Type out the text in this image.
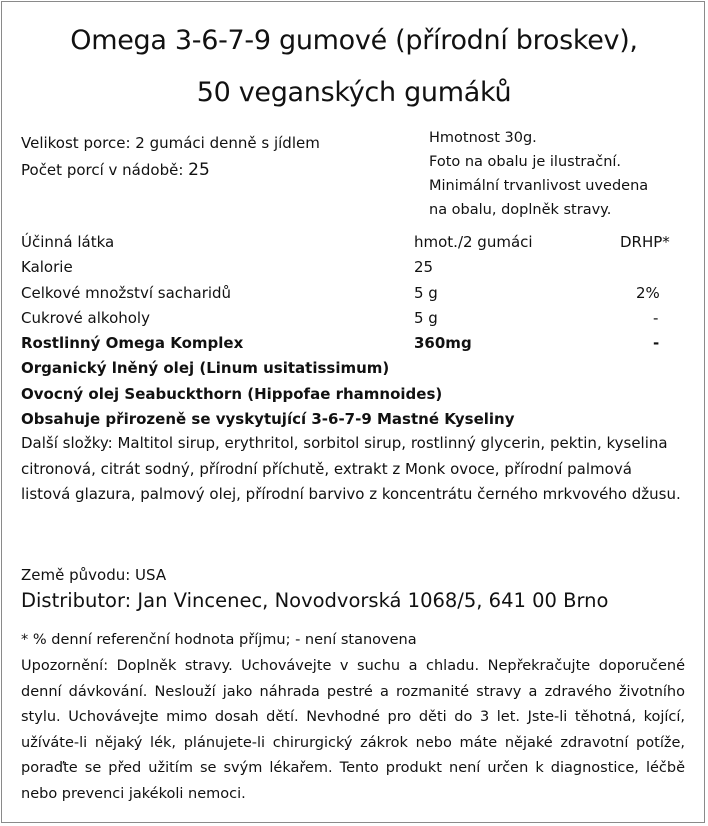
Omega 3-6-7-9 gumové (přírodní broskev),
50 veganských gumáků
Velikost porce: 2 gumáci denně s jídlem
Počet porcí v nádobě: 25
Hmotnost 30g.
Foto na obalu je ilustrační.
Minimální trvanlivost uvedena
na obalu, doplněk stravy.
Účinná látka	hmot./2 gumáci	DRHP*
Kalorie	25
Celkové množství sacharidů	5 g	2%
Cukrové alkoholy	5 g	-
Rostlinný Omega Komplex	360mg	-
Organický lněný olej (Linum usitatissimum)
Ovocný olej Seabuckthorn (Hippofae rhamnoides)
Obsahuje přirozeně se vyskytující 3-6-7-9 Mastné Kyseliny
Další složky: Maltitol sirup, erythritol, sorbitol sirup, rostlinný glycerin, pektin, kyselina citronová, citrát sodný, přírodní příchutě, extrakt z Monk ovoce, přírodní palmová listová glazura, palmový olej, přírodní barvivo z koncentrátu černého mrkvového džusu.
Země původu: USA
Distributor: Jan Vincenec, Novodvorská 1068/5, 641 00 Brno
* % denní referenční hodnota příjmu; - není stanovena
Upozornění: Doplněk stravy. Uchovávejte v suchu a chladu. Nepřekračujte doporučené denní dávkování. Neslouží jako náhrada pestré a rozmanité stravy a zdravého životního stylu. Uchovávejte mimo dosah dětí. Nevhodné pro děti do 3 let. Jste-li těhotná, kojící, užíváte-li nějaký lék, plánujete-li chirurgický zákrok nebo máte nějaké zdravotní potíže, poraďte se před užitím se svým lékařem. Tento produkt není určen k diagnostice, léčbě nebo prevenci jakékoli nemoci.
